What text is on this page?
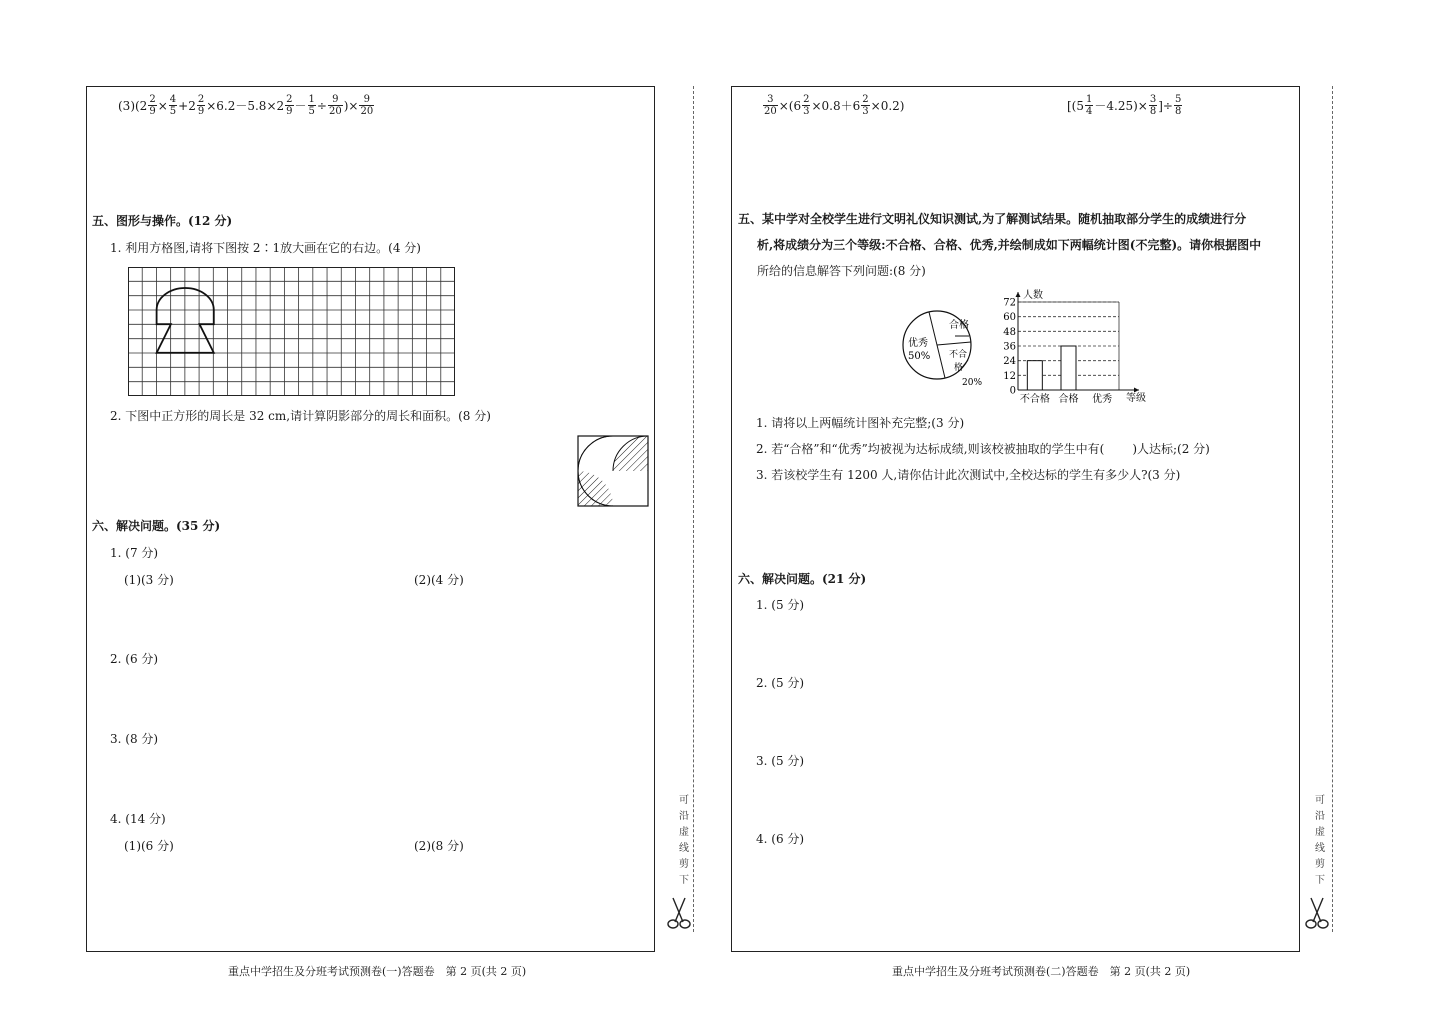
(3) ($2 \frac{2}{9} \times \frac{4}{5} +2 \frac{2}{9} \times 6.2-5.8\times 2 \frac{2}{9} - \frac{1}{5} \div \frac{9}{20}$ )× $\frac{9}{20}$
五、图形与操作。(12 分)
1. 利用方格图,请将下图按 2∶1放大画在它的右边。(4 分)
2. 下图中正方形的周长是 32 cm,请计算阴影部分的周长和面积。(8 分)
六、解决问题。(35 分)
1. (7 分)
(1)(3 分)	(2)(4 分)
2. (6 分)
3. (8 分)
4. (14 分)
(1)(6 分)	(2)(8 分)
重点中学招生及分班考试预测卷(一)答题卷　第 2 页(共 2 页)
可沿虚线剪下
$\frac{3}{20} \times(6 \frac{2}{3} \times 0.8+6 \frac{2}{3} \times 0.2)$	[$(5 \frac{1}{4} -4.25)\times \frac{3}{8}$ ]÷ $\frac{5}{8}$
五、某中学对全校学生进行文明礼仪知识测试,为了解测试结果。随机抽取部分学生的成绩进行分
析,将成绩分为三个等级:不合格、合格、优秀,并绘制成如下两幅统计图(不完整)。请你根据图中
所给的信息解答下列问题:(8 分)
优秀
50%
合格
不合
格
20%
人数
0
12
24
36
48
60
72
不合格 合格 优秀 等级
1. 请将以上两幅统计图补充完整;(3 分)
2. 若“合格”和“优秀”均被视为达标成绩,则该校被抽取的学生中有( )人达标;(2 分)
3. 若该校学生有 1200 人,请你估计此次测试中,全校达标的学生有多少人?(3 分)
六、解决问题。(21 分)
1. (5 分)
2. (5 分)
3. (5 分)
4. (6 分)
重点中学招生及分班考试预测卷(二)答题卷　第 2 页(共 2 页)
可沿虚线剪下
